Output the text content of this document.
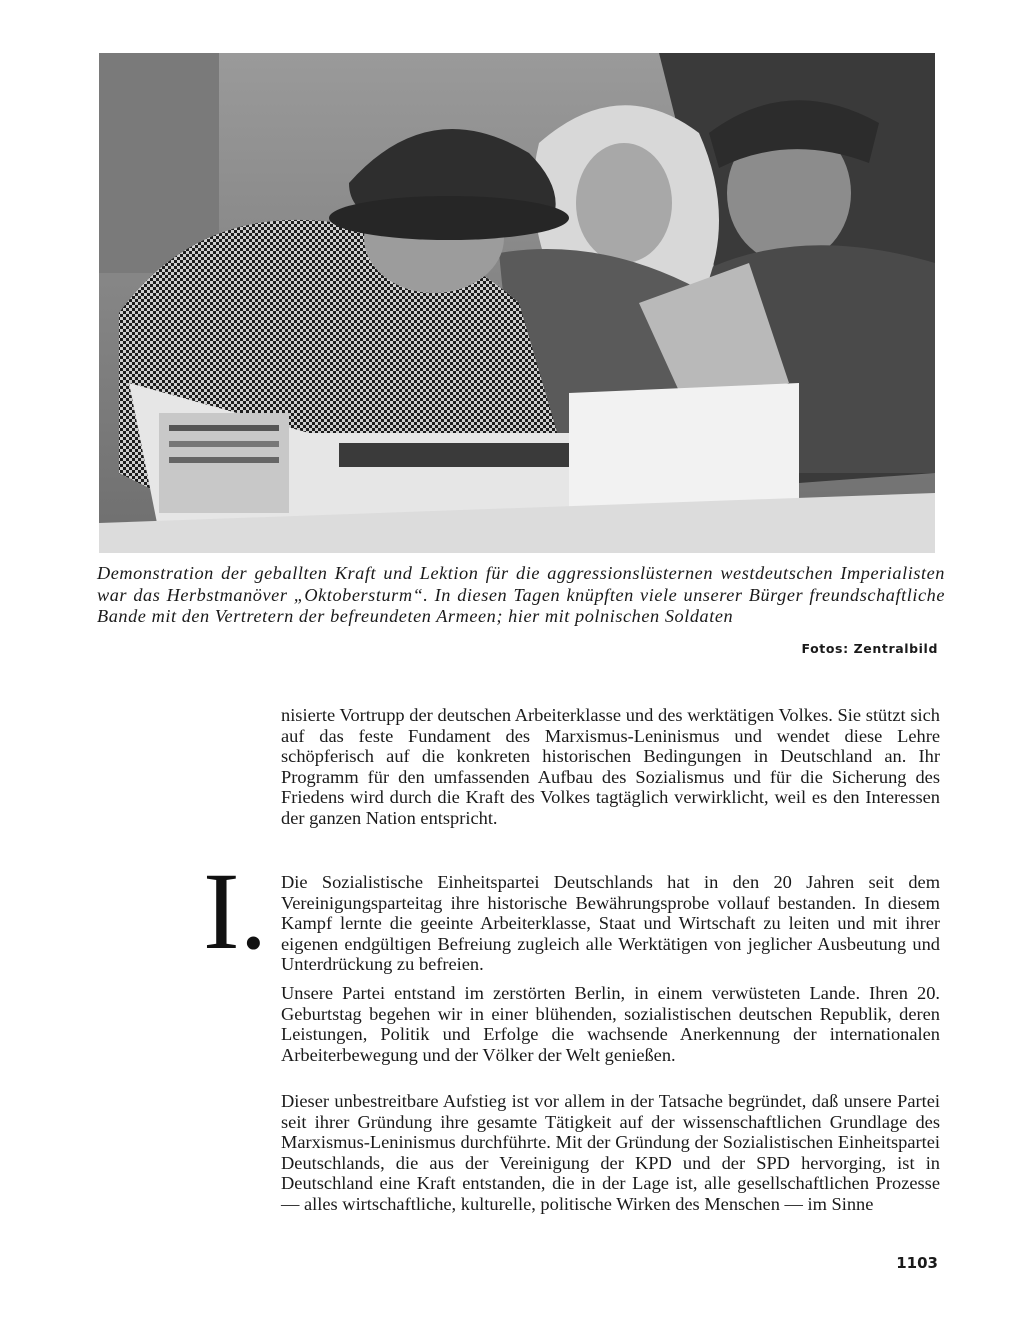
Demonstration der geballten Kraft und Lektion für die aggressionslüsternen westdeutschen Imperialisten war das Herbstmanöver „Oktobersturm“. In diesen Tagen knüpften viele unserer Bürger freundschaftliche Bande mit den Vertretern der befreundeten Armeen; hier mit polnischen Soldaten

Fotos: Zentralbild

nisierte Vortrupp der deutschen Arbeiterklasse und des werktätigen Volkes. Sie stützt sich auf das feste Fundament des Marxismus-Leninismus und wendet diese Lehre schöpferisch auf die konkreten historischen Bedingungen in Deutschland an. Ihr Programm für den umfassenden Aufbau des Sozialismus und für die Sicherung des Friedens wird durch die Kraft des Volkes tagtäglich verwirklicht, weil es den Interessen der ganzen Nation entspricht.

I. Die Sozialistische Einheitspartei Deutschlands hat in den 20 Jahren seit dem Vereinigungsparteitag ihre historische Bewährungsprobe vollauf bestanden. In diesem Kampf lernte die geeinte Arbeiterklasse, Staat und Wirtschaft zu leiten und mit ihrer eigenen endgültigen Befreiung zugleich alle Werktätigen von jeglicher Ausbeutung und Unterdrückung zu befreien.

Unsere Partei entstand im zerstörten Berlin, in einem verwüsteten Lande. Ihren 20. Geburtstag begehen wir in einer blühenden, sozialistischen deutschen Republik, deren Leistungen, Politik und Erfolge die wachsende Anerkennung der internationalen Arbeiterbewegung und der Völker der Welt genießen.

Dieser unbestreitbare Aufstieg ist vor allem in der Tatsache begründet, daß unsere Partei seit ihrer Gründung ihre gesamte Tätigkeit auf der wissenschaftlichen Grundlage des Marxismus-Leninismus durchführte. Mit der Gründung der Sozialistischen Einheitspartei Deutschlands, die aus der Vereinigung der KPD und der SPD hervorging, ist in Deutschland eine Kraft entstanden, die in der Lage ist, alle gesellschaftlichen Prozesse — alles wirtschaftliche, kulturelle, politische Wirken des Menschen — im Sinne

1103
